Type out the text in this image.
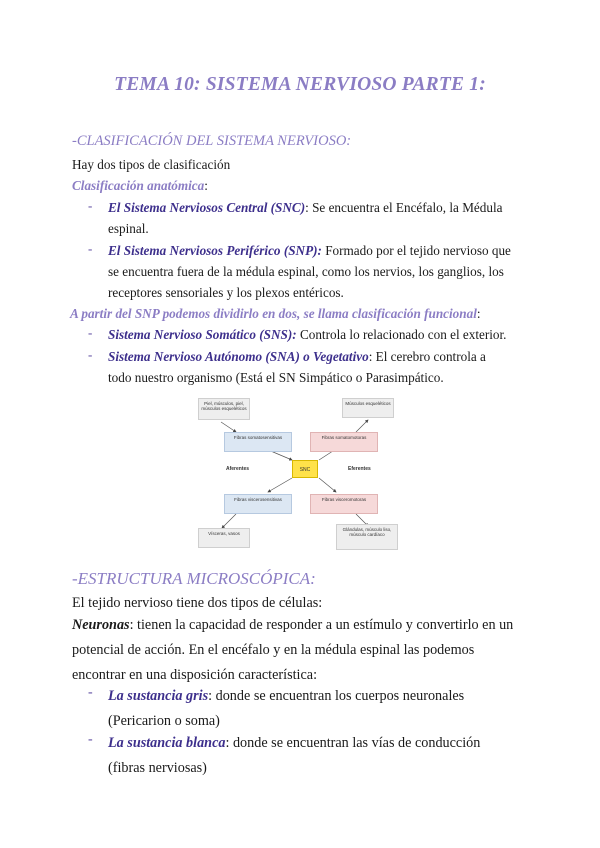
TEMA 10: SISTEMA NERVIOSO PARTE 1:
-CLASIFICACIÓN DEL SISTEMA NERVIOSO:
Hay dos tipos de clasificación
Clasificación anatómica:
- El Sistema Nerviosos Central (SNC): Se encuentra el Encéfalo, la Médula
espinal.
- El Sistema Nerviosos Periférico (SNP): Formado por el tejido nervioso que
se encuentra fuera de la médula espinal, como los nervios, los ganglios, los
receptores sensoriales y los plexos entéricos.
A partir del SNP podemos dividirlo en dos, se llama clasificación funcional:
- Sistema Nervioso Somático (SNS): Controla lo relacionado con el exterior.
- Sistema Nervioso Autónomo (SNA) o Vegetativo: El cerebro controla a
todo nuestro organismo (Está el SN Simpático o Parasimpático.
Piel, músculos, piel, músculos esqueléticos
Músculos esqueléticos
Fibras somatosensitivas	Fibras somatomotoras
Aferentes	SNC	Eferentes
Fibras viscerosensitivas	Fibras visceromotoras
Vísceras, vasos
Glándulas, músculo liso, músculo cardíaco
-ESTRUCTURA MICROSCÓPICA:
El tejido nervioso tiene dos tipos de células:
Neuronas: tienen la capacidad de responder a un estímulo y convertirlo en un
potencial de acción. En el encéfalo y en la médula espinal las podemos
encontrar en una disposición característica:
- La sustancia gris: donde se encuentran los cuerpos neuronales
(Pericarion o soma)
- La sustancia blanca: donde se encuentran las vías de conducción
(fibras nerviosas)
